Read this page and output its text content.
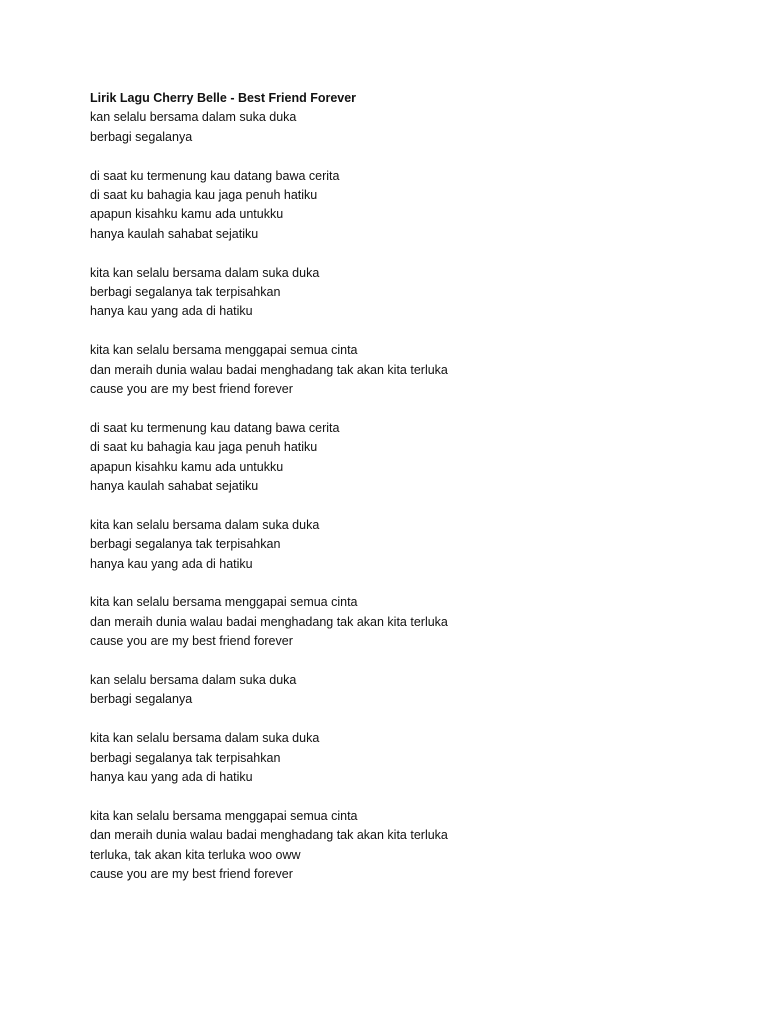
Lirik Lagu Cherry Belle - Best Friend Forever
kan selalu bersama dalam suka duka
berbagi segalanya
di saat ku termenung kau datang bawa cerita
di saat ku bahagia kau jaga penuh hatiku
apapun kisahku kamu ada untukku
hanya kaulah sahabat sejatiku
kita kan selalu bersama dalam suka duka
berbagi segalanya tak terpisahkan
hanya kau yang ada di hatiku
kita kan selalu bersama menggapai semua cinta
dan meraih dunia walau badai menghadang tak akan kita terluka
cause you are my best friend forever
di saat ku termenung kau datang bawa cerita
di saat ku bahagia kau jaga penuh hatiku
apapun kisahku kamu ada untukku
hanya kaulah sahabat sejatiku
kita kan selalu bersama dalam suka duka
berbagi segalanya tak terpisahkan
hanya kau yang ada di hatiku
kita kan selalu bersama menggapai semua cinta
dan meraih dunia walau badai menghadang tak akan kita terluka
cause you are my best friend forever
kan selalu bersama dalam suka duka
berbagi segalanya
kita kan selalu bersama dalam suka duka
berbagi segalanya tak terpisahkan
hanya kau yang ada di hatiku
kita kan selalu bersama menggapai semua cinta
dan meraih dunia walau badai menghadang tak akan kita terluka
terluka, tak akan kita terluka woo oww
cause you are my best friend forever
